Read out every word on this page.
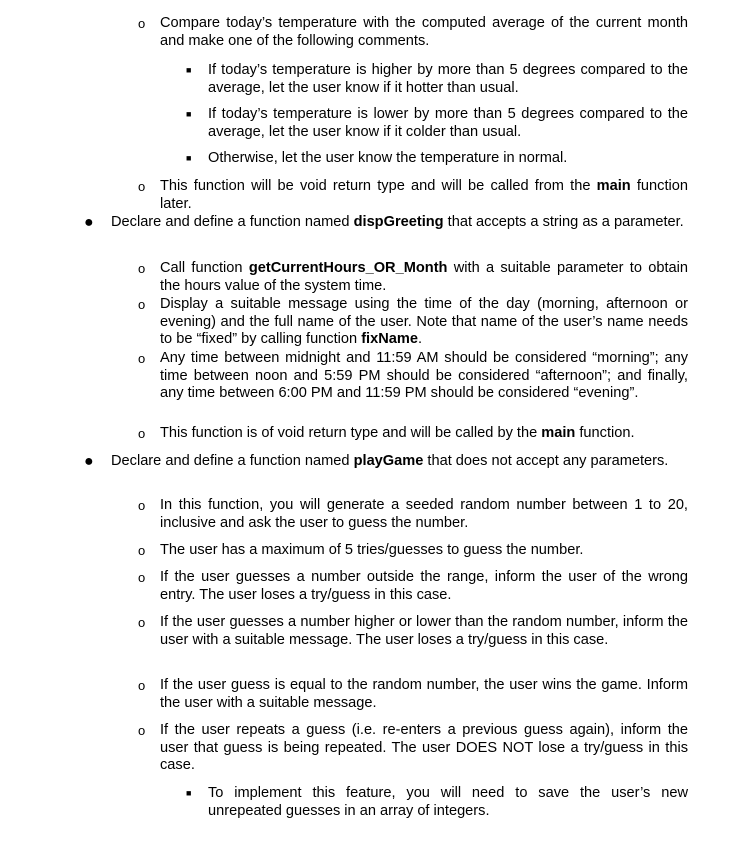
o Compare today’s temperature with the computed average of the current month and make one of the following comments.

■ If today’s temperature is higher by more than 5 degrees compared to the average, let the user know if it hotter than usual.

■ If today’s temperature is lower by more than 5 degrees compared to the average, let the user know if it colder than usual.

■ Otherwise, let the user know the temperature in normal.

o This function will be void return type and will be called from the main function later.

● Declare and define a function named dispGreeting that accepts a string as a parameter.

o Call function getCurrentHours_OR_Month with a suitable parameter to obtain the hours value of the system time.

o Display a suitable message using the time of the day (morning, afternoon or evening) and the full name of the user. Note that name of the user’s name needs to be “fixed” by calling function fixName.

o Any time between midnight and 11:59 AM should be considered “morning”; any time between noon and 5:59 PM should be considered “afternoon”; and finally, any time between 6:00 PM and 11:59 PM should be considered “evening”.

o This function is of void return type and will be called by the main function.

● Declare and define a function named playGame that does not accept any parameters.

o In this function, you will generate a seeded random number between 1 to 20, inclusive and ask the user to guess the number.

o The user has a maximum of 5 tries/guesses to guess the number.

o If the user guesses a number outside the range, inform the user of the wrong entry. The user loses a try/guess in this case.

o If the user guesses a number higher or lower than the random number, inform the user with a suitable message. The user loses a try/guess in this case.

o If the user guess is equal to the random number, the user wins the game. Inform the user with a suitable message.

o If the user repeats a guess (i.e. re-enters a previous guess again), inform the user that guess is being repeated. The user DOES NOT lose a try/guess in this case.

■ To implement this feature, you will need to save the user’s new unrepeated guesses in an array of integers.
